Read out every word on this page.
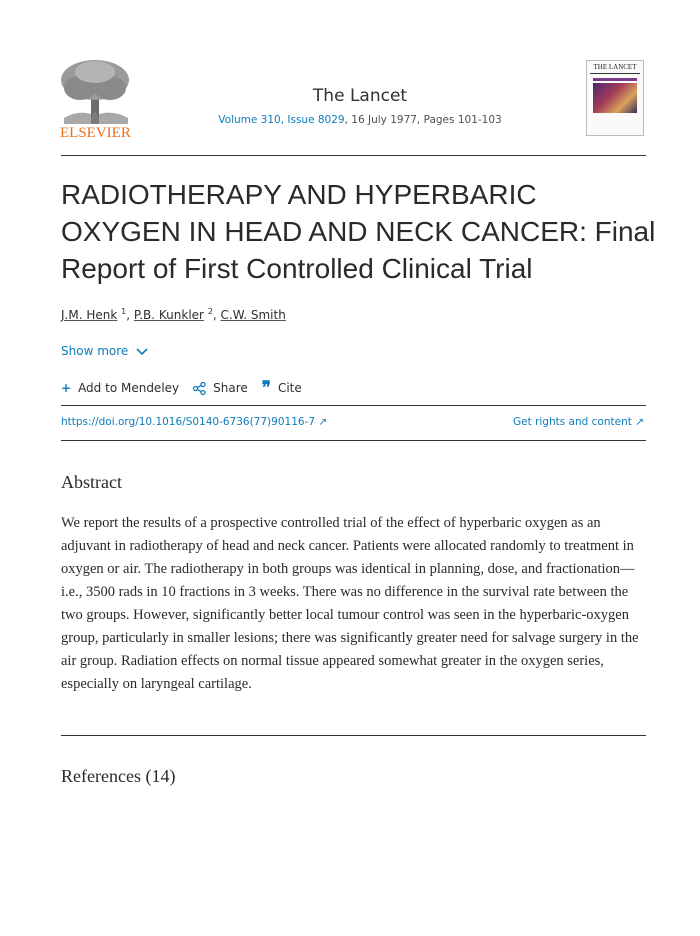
ELSEVIER
The Lancet
Volume 310, Issue 8029, 16 July 1977, Pages 101-103
THE LANCET
RADIOTHERAPY AND HYPERBARIC OXYGEN IN HEAD AND NECK CANCER: Final Report of First Controlled Clinical Trial
J.M. Henk $^1$, P.B. Kunkler $^2$, C.W. Smith
Show more
+ Add to Mendeley	Share ❞ Cite
https://doi.org/10.1016/S0140-6736(77)90116-7 ↗	Get rights and content ↗
Abstract

We report the results of a prospective controlled trial of the effect of hyperbaric oxygen as an adjuvant in radiotherapy of head and neck cancer. Patients were allocated randomly to treatment in oxygen or air. The radiotherapy in both groups was identical in planning, dose, and fractionation—i.e., 3500 rads in 10 fractions in 3 weeks. There was no difference in the survival rate between the two groups. However, significantly better local tumour control was seen in the hyperbaric-oxygen group, particularly in smaller lesions; there was significantly greater need for salvage surgery in the air group. Radiation effects on normal tissue appeared somewhat greater in the oxygen series, especially on laryngeal cartilage.

References (14)
